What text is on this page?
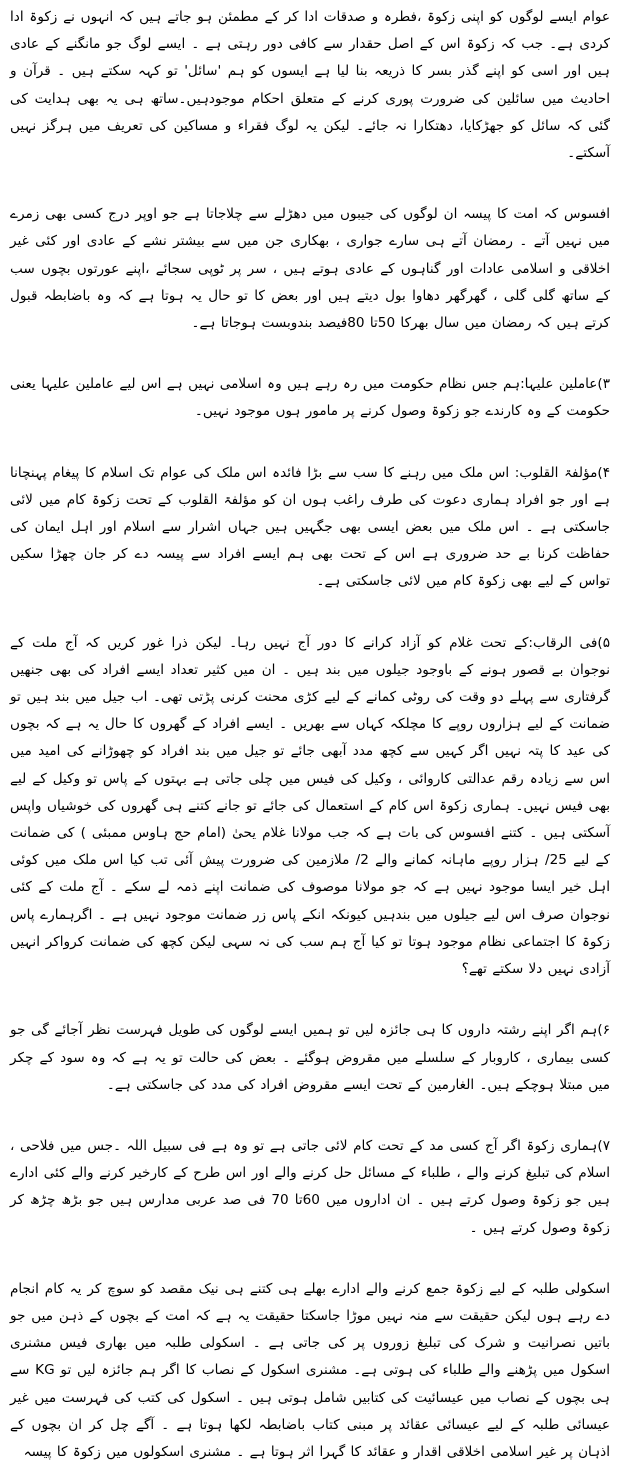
عوام ایسے لوگوں کو اپنی زکوۃ ،فطرہ و صدقات ادا کر کے مطمئن ہو جاتے ہیں کہ انہوں نے زکوۃ ادا کردی ہے۔ جب کہ زکوۃ اس کے اصل حقدار سے کافی دور رہتی ہے ۔ ایسے لوگ جو مانگنے کے عادی ہیں اور اسی کو اپنے گذر بسر کا ذریعہ بنا لیا ہے ایسوں کو ہم 'سائل' تو کہہ سکتے ہیں ۔ قرآن و احادیث میں سائلین کی ضرورت پوری کرنے کے متعلق احکام موجودہیں۔ساتھ ہی یہ بھی ہدایت کی گئی کہ سائل کو جھڑکایا، دھتکارا نہ جائے۔ لیکن یہ لوگ فقراء و مساکین کی تعریف میں ہرگز نہیں آسکتے۔

افسوس کہ امت کا پیسہ ان لوگوں کی جیبوں میں دھڑلے سے چلاجاتا ہے جو اوپر درج کسی بھی زمرے میں نہیں آتے ۔ رمضان آتے ہی سارے جواری ، بھکاری جن میں سے بیشتر نشے کے عادی اور کئی غیر اخلاقی و اسلامی عادات اور گناہوں کے عادی ہوتے ہیں ، سر پر ٹوپی سجائے ،اپنے عورتوں بچوں سب کے ساتھ گلی گلی ، گھرگھر دھاوا بول دیتے ہیں اور بعض کا تو حال یہ ہوتا ہے کہ وہ باضابطہ قبول کرتے ہیں کہ رمضان میں سال بھرکا 50تا 80فیصد بندوبست ہوجاتا ہے۔

۳)عاملین علیہا:ہم جس نظام حکومت میں رہ رہے ہیں وہ اسلامی نہیں ہے اس لیے عاملین علیہا یعنی حکومت کے وہ کارندے جو زکوۃ وصول کرنے پر مامور ہوں موجود نہیں۔

۴)مؤلفۃ القلوب: اس ملک میں رہنے کا سب سے بڑا فائدہ اس ملک کی عوام تک اسلام کا پیغام پہنچانا ہے اور جو افراد ہماری دعوت کی طرف راغب ہوں ان کو مؤلفۃ القلوب کے تحت زکوۃ کام میں لائی جاسکتی ہے ۔ اس ملک میں بعض ایسی بھی جگہیں ہیں جہاں اشرار سے اسلام اور اہل ایمان کی حفاظت کرنا بے حد ضروری ہے اس کے تحت بھی ہم ایسے افراد سے پیسہ دے کر جان چھڑا سکیں تواس کے لیے بھی زکوۃ کام میں لائی جاسکتی ہے۔

۵)فی الرقاب:کے تحت غلام کو آزاد کرانے کا دور آج نہیں رہا۔ لیکن ذرا غور کریں کہ آج ملت کے نوجوان بے قصور ہونے کے باوجود جیلوں میں بند ہیں ۔ ان میں کثیر تعداد ایسے افراد کی بھی جنھیں گرفتاری سے پہلے دو وقت کی روٹی کمانے کے لیے کڑی محنت کرنی پڑتی تھی۔ اب جیل میں بند ہیں تو ضمانت کے لیے ہزاروں روپے کا مچلکہ کہاں سے بھریں ۔ ایسے افراد کے گھروں کا حال یہ ہے کہ بچوں کی عید کا پتہ نہیں اگر کہیں سے کچھ مدد آبھی جائے تو جیل میں بند افراد کو چھوڑانے کی امید میں اس سے زیادہ رقم عدالتی کاروائی ، وکیل کی فیس میں چلی جاتی ہے بہتوں کے پاس تو وکیل کے لیے بھی فیس نہیں۔ ہماری زکوۃ اس کام کے استعمال کی جائے تو جانے کتنے ہی گھروں کی خوشیاں واپس آسکتی ہیں ۔ کتنے افسوس کی بات ہے کہ جب مولانا غلام یحیٰ (امام حج ہاوس ممبئی ) کی ضمانت کے لیے 25/ ہزار روپے ماہانہ کمانے والے 2/ ملازمین کی ضرورت پیش آئی تب کیا اس ملک میں کوئی اہل خیر ایسا موجود نہیں ہے کہ جو مولانا موصوف کی ضمانت اپنے ذمہ لے سکے ۔ آج ملت کے کئی نوجوان صرف اس لیے جیلوں میں بندہیں کیونکہ انکے پاس زر ضمانت موجود نہیں ہے ۔ اگرہمارے پاس زکوۃ کا اجتماعی نظام موجود ہوتا تو کیا آج ہم سب کی نہ سہی لیکن کچھ کی ضمانت کرواکر انہیں آزادی نہیں دلا سکتے تھے؟

۶)ہم اگر اپنے رشتہ داروں کا ہی جائزہ لیں تو ہمیں ایسے لوگوں کی طویل فہرست نظر آجائے گی جو کسی بیماری ، کاروبار کے سلسلے میں مقروض ہوگئے ۔ بعض کی حالت تو یہ ہے کہ وہ سود کے چکر میں مبتلا ہوچکے ہیں۔ الغارمین کے تحت ایسے مقروض افراد کی مدد کی جاسکتی ہے۔

۷)ہماری زکوۃ اگر آج کسی مد کے تحت کام لائی جاتی ہے تو وہ ہے فی سبیل اللہ ۔جس میں فلاحی ، اسلام کی تبلیغ کرنے والے ، طلباء کے مسائل حل کرنے والے اور اس طرح کے کارخیر کرنے والے کئی ادارے ہیں جو زکوۃ وصول کرتے ہیں ۔ ان اداروں میں 60تا 70 فی صد عربی مدارس ہیں جو بڑھ چڑھ کر زکوۃ وصول کرتے ہیں ۔

اسکولی طلبہ کے لیے زکوۃ جمع کرنے والے ادارے بھلے ہی کتنے ہی نیک مقصد کو سوچ کر یہ کام انجام دے رہے ہوں لیکن حقیقت سے منہ نہیں موڑا جاسکتا حقیقت یہ ہے کہ امت کے بچوں کے ذہن میں جو باتیں نصرانیت و شرک کی تبلیغ زوروں پر کی جاتی ہے ۔ اسکولی طلبہ میں بھاری فیس مشنری اسکول میں پڑھنے والے طلباء کی ہوتی ہے۔ مشنری اسکول کے نصاب کا اگر ہم جائزہ لیں تو KG سے ہی بچوں کے نصاب میں عیسائیت کی کتابیں شامل ہوتی ہیں ۔ اسکول کی کتب کی فہرست میں غیر عیسائی طلبہ کے لیے عیسائی عقائد پر مبنی کتاب باضابطہ لکھا ہوتا ہے ۔ آگے چل کر ان بچوں کے اذہان پر غیر اسلامی اخلاقی اقدار و عقائد کا گہرا اثر ہوتا ہے ۔ مشنری اسکولوں میں زکوۃ کا پیسہ
